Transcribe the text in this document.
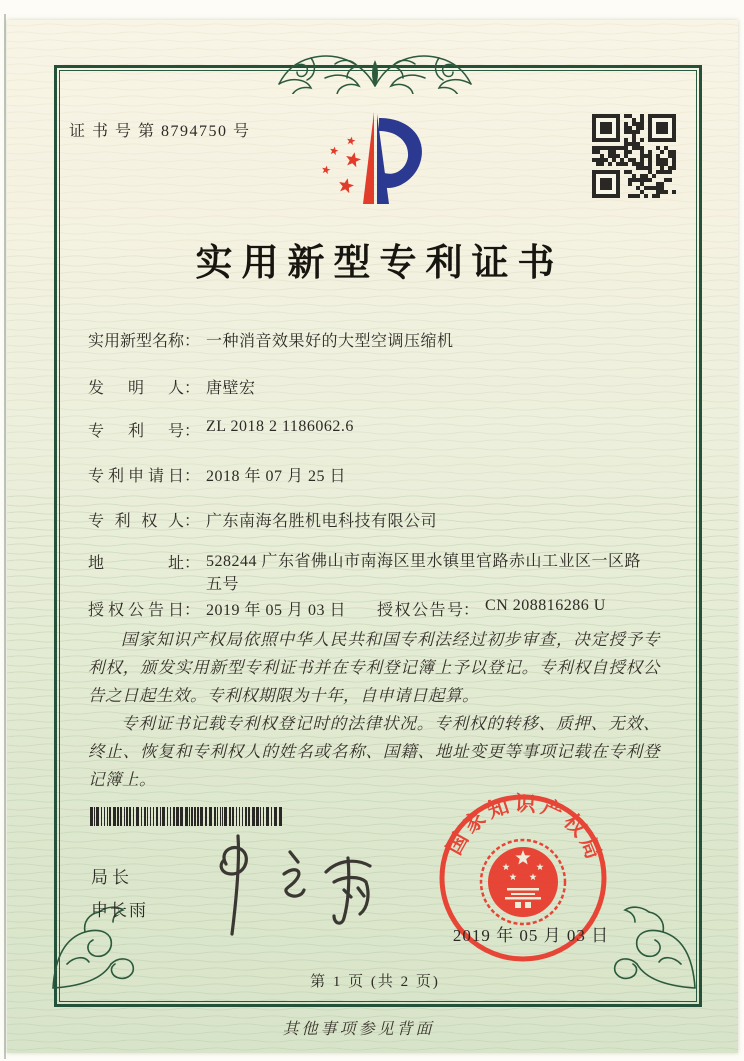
证 书 号 第 8794750 号
实用新型专利证书
实用新型名称 ： 一种消音效果好的大型空调压缩机
发明人 ： 唐壁宏
专利号 ： ZL 2018 2 1186062.6
专利申请日 ： 2018 年 07 月 25 日
专利权人 ： 广东南海名胜机电科技有限公司
地址 ： 528244 广东省佛山市南海区里水镇里官路赤山工业区一区路五号
授权公告日 ： 2019 年 05 月 03 日 授权公告号 ： CN 208816286 U

国家知识产权局依照中华人民共和国专利法经过初步审查，决定授予专利权，颁发实用新型专利证书并在专利登记簿上予以登记。专利权自授权公告之日起生效。专利权期限为十年，自申请日起算。

专利证书记载专利权登记时的法律状况。专利权的转移、质押、无效、终止、恢复和专利权人的姓名或名称、国籍、地址变更等事项记载在专利登记簿上。

局长
申长雨
国家知识产权局
2019 年 05 月 03 日
第 1 页 (共 2 页)
其他事项参见背面
